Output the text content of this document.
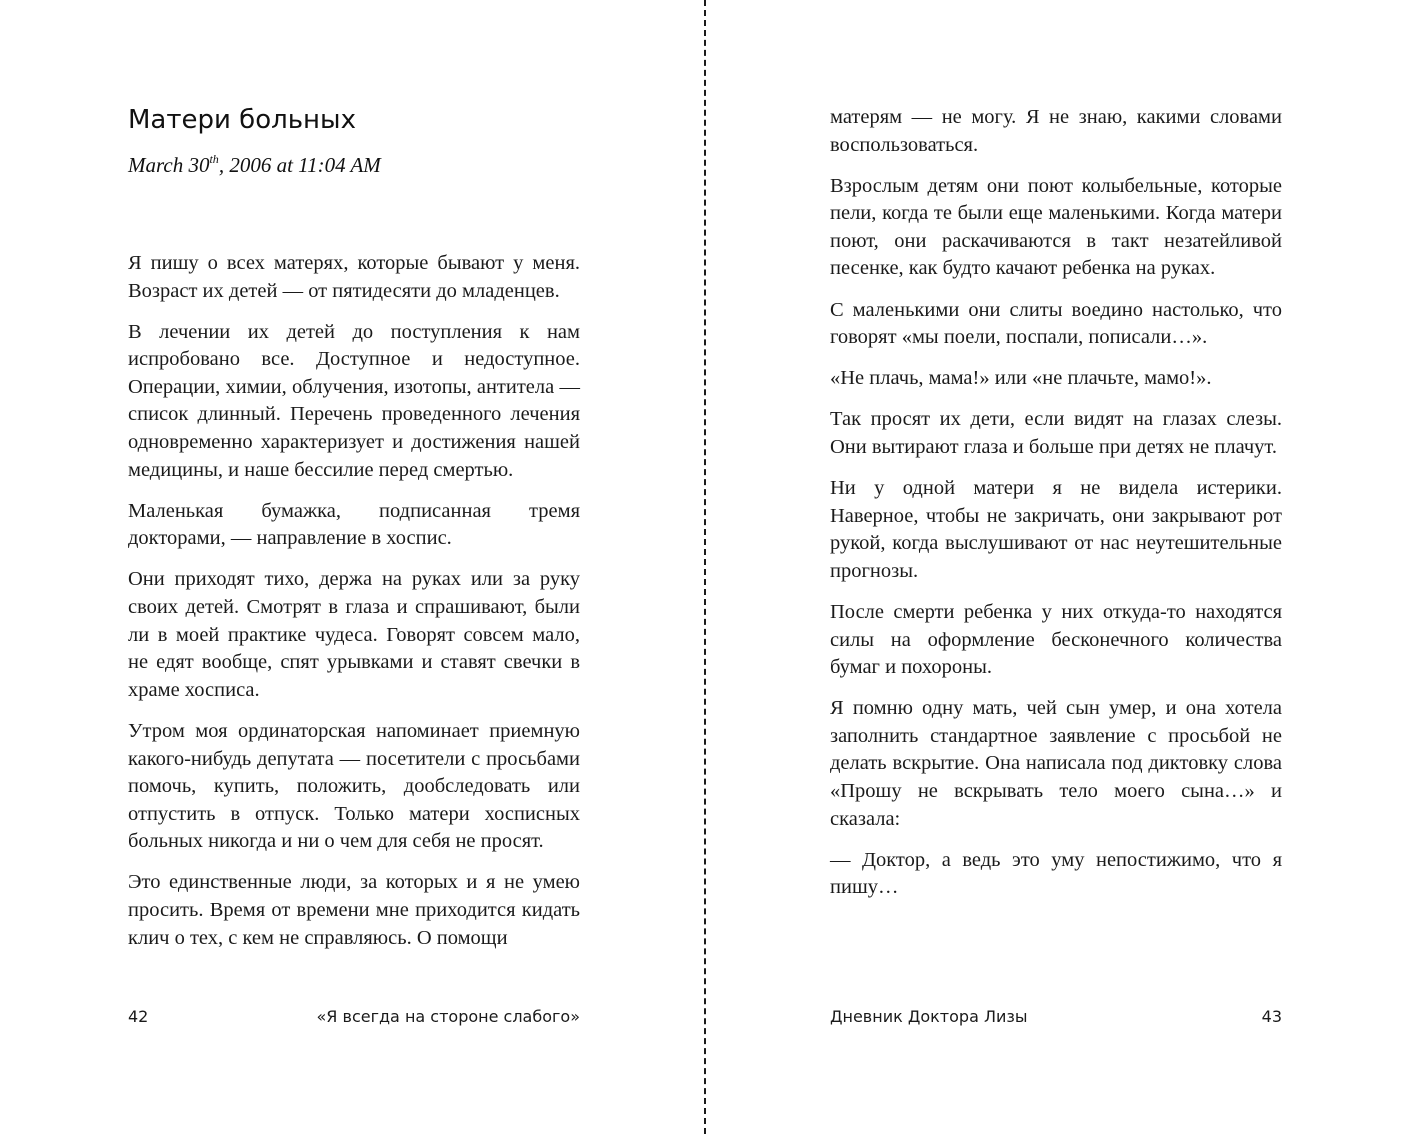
Матери больных
March 30th, 2006 at 11:04 AM

Я пишу о всех матерях, которые бывают у меня. Возраст их детей — от пятидесяти до младенцев.

В лечении их детей до поступления к нам испробовано все. Доступное и недоступное. Операции, химии, облучения, изотопы, антитела — список длинный. Перечень проведенного лечения одновременно характеризует и достижения нашей медицины, и наше бессилие перед смертью.

Маленькая бумажка, подписанная тремя докторами, — направление в хоспис.

Они приходят тихо, держа на руках или за руку своих детей. Смотрят в глаза и спрашивают, были ли в моей практике чудеса. Говорят совсем мало, не едят вообще, спят урывками и ставят свечки в храме хосписа.

Утром моя ординаторская напоминает приемную какого-нибудь депутата — посетители с просьбами помочь, купить, положить, дообследовать или отпустить в отпуск. Только матери хосписных больных никогда и ни о чем для себя не просят.

Это единственные люди, за которых и я не умею просить. Время от времени мне приходится кидать клич о тех, с кем не справляюсь. О помощи

42	«Я всегда на стороне слабого»

матерям — не могу. Я не знаю, какими словами воспользоваться.

Взрослым детям они поют колыбельные, которые пели, когда те были еще маленькими. Когда матери поют, они раскачиваются в такт незатейливой песенке, как будто качают ребенка на руках.

С маленькими они слиты воедино настолько, что говорят «мы поели, поспали, пописали…».

«Не плачь, мама!» или «не плачьте, мамо!».

Так просят их дети, если видят на глазах слезы. Они вытирают глаза и больше при детях не плачут.

Ни у одной матери я не видела истерики. Наверное, чтобы не закричать, они закрывают рот рукой, когда выслушивают от нас неутешительные прогнозы.

После смерти ребенка у них откуда-то находятся силы на оформление бесконечного количества бумаг и похороны.

Я помню одну мать, чей сын умер, и она хотела заполнить стандартное заявление с просьбой не делать вскрытие. Она написала под диктовку слова «Прошу не вскрывать тело моего сына…» и сказала:

— Доктор, а ведь это уму непостижимо, что я пишу…

Дневник Доктора Лизы	43
